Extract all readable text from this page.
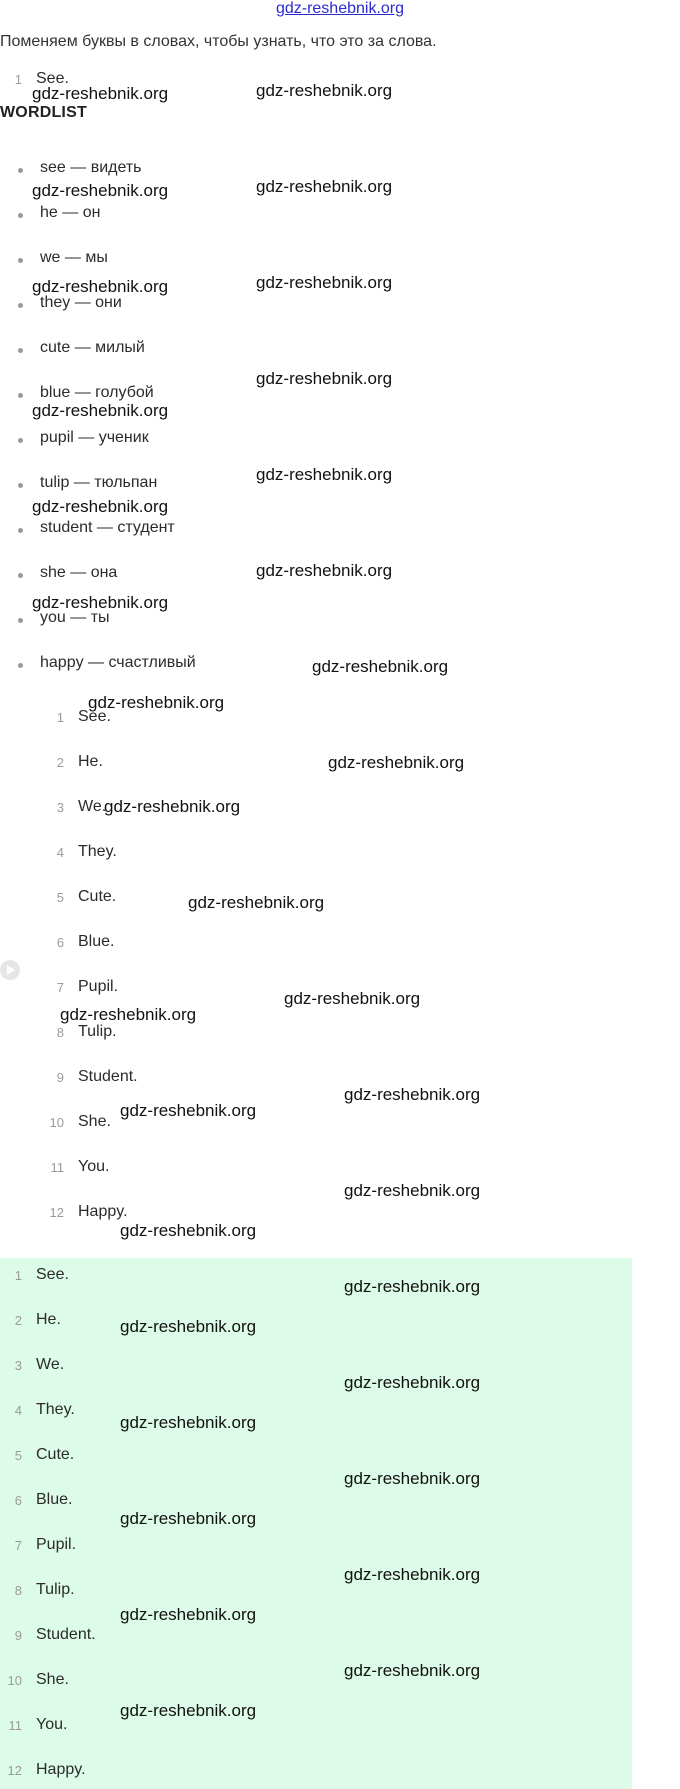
gdz-reshebnik.org
Поменяем буквы в словах, чтобы узнать, что это за слова.
1 See.
WORDLIST
see — видеть
he — он
we — мы
they — они
cute — милый
blue — голубой
pupil — ученик
tulip — тюльпан
student — студент
she — она
you — ты
happy — счастливый
1 See.
2 He.
3 We.
4 They.
5 Cute.
6 Blue.
7 Pupil.
8 Tulip.
9 Student.
10 She.
11 You.
12 Happy.
1 See.
2 He.
3 We.
4 They.
5 Cute.
6 Blue.
7 Pupil.
8 Tulip.
9 Student.
10 She.
11 You.
12 Happy.
gdz-reshebnik.org	gdz-reshebnik.org
gdz-reshebnik.org	gdz-reshebnik.org
gdz-reshebnik.org	gdz-reshebnik.org
gdz-reshebnik.org
gdz-reshebnik.org
gdz-reshebnik.org
gdz-reshebnik.org
gdz-reshebnik.org
gdz-reshebnik.org
gdz-reshebnik.org
gdz-reshebnik.org
gdz-reshebnik.org
gdz-reshebnik.org
gdz-reshebnik.org
gdz-reshebnik.org
gdz-reshebnik.org
gdz-reshebnik.org
gdz-reshebnik.org
gdz-reshebnik.org
gdz-reshebnik.org
gdz-reshebnik.org
gdz-reshebnik.org
gdz-reshebnik.org
gdz-reshebnik.org
gdz-reshebnik.org
gdz-reshebnik.org
gdz-reshebnik.org
gdz-reshebnik.org
gdz-reshebnik.org
gdz-reshebnik.org
